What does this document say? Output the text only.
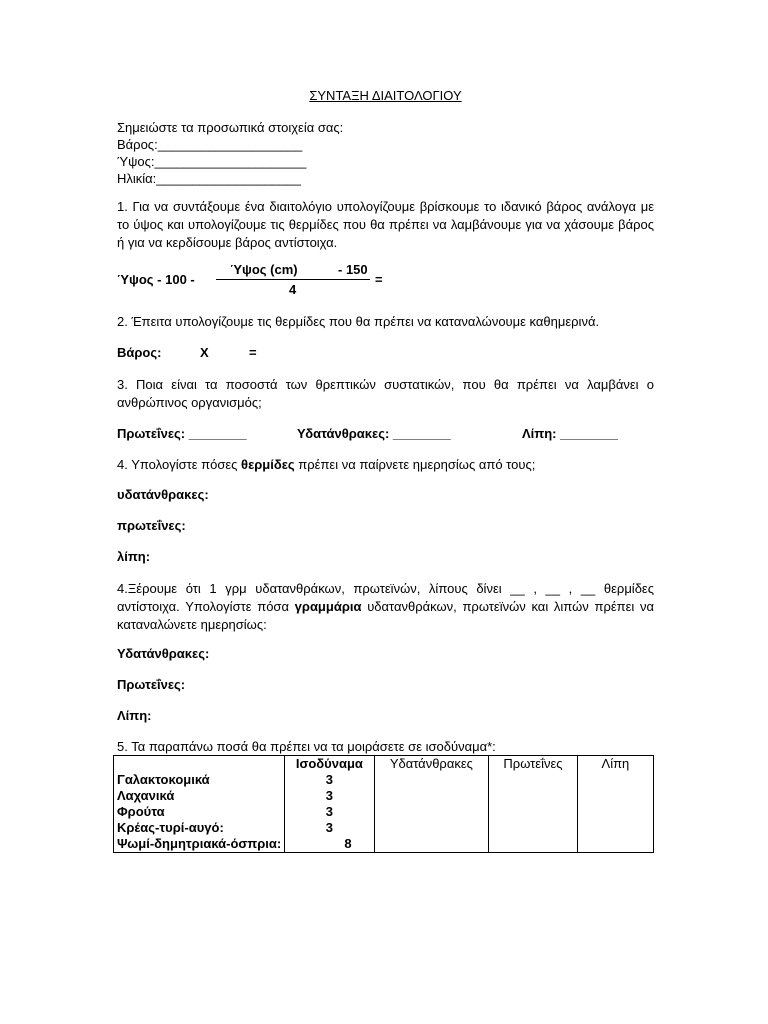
ΣΥΝΤΑΞΗ ΔΙΑΙΤΟΛΟΓΙΟΥ
Σημειώστε τα προσωπικά στοιχεία σας:
Βάρος:____________________
Ύψος:_____________________
Ηλικία:____________________
1. Για να συντάξουμε ένα διαιτολόγιο υπολογίζουμε βρίσκουμε το ιδανικό βάρος ανάλογα με το ύψος και υπολογίζουμε τις θερμίδες που θα πρέπει να λαμβάνουμε για να χάσουμε βάρος ή για να κερδίσουμε βάρος αντίστοιχα.
Ύψος - 100 -
Ύψος (cm)	- 150
4
=
2. Έπειτα υπολογίζουμε τις θερμίδες που θα πρέπει να καταναλώνουμε καθημερινά.
Βάρος:	Χ	=
3. Ποια είναι τα ποσοστά των θρεπτικών συστατικών, που θα πρέπει να λαμβάνει ο ανθρώπινος οργανισμός;
Πρωτεΐνες: ________	Υδατάνθρακες: ________	Λίπη: ________
4. Υπολογίστε πόσες θερμίδες πρέπει να παίρνετε ημερησίως από τους;
υδατάνθρακες:
πρωτεΐνες:
λίπη:
4.Ξέρουμε ότι 1 γρμ υδατανθράκων, πρωτεϊνών, λίπους δίνει __ , __ , __ θερμίδες αντίστοιχα. Υπολογίστε πόσα γραμμάρια υδατανθράκων, πρωτεϊνών και λιπών πρέπει να καταναλώνετε ημερησίως:
Υδατάνθρακες:
Πρωτεΐνες:
Λίπη:
5. Τα παραπάνω ποσά θα πρέπει να τα μοιράσετε σε ισοδύναμα*:
	Ισοδύναμα	Υδατάνθρακες	Πρωτεΐνες	Λίπη
Γαλακτοκομικά	3			
Λαχανικά	3			
Φρούτα	3			
Κρέας-τυρί-αυγό:	3			
Ψωμί-δημητριακά-όσπρια:	8			
